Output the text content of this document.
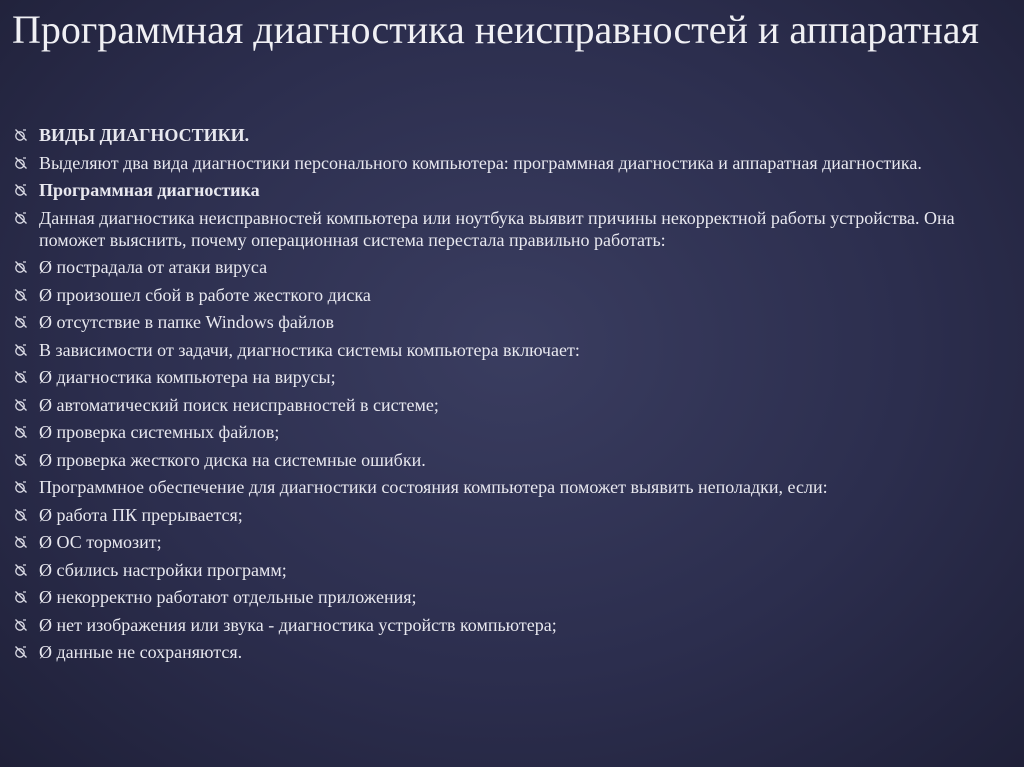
Программная диагностика неисправностей и аппаратная
ВИДЫ ДИАГНОСТИКИ.
Выделяют два вида диагностики персонального компьютера: программная диагностика и аппаратная диагностика.
Программная диагностика
Данная диагностика неисправностей компьютера или ноутбука выявит причины некорректной работы устройства. Она поможет выяснить, почему операционная система перестала правильно работать:
Ø пострадала от атаки вируса
Ø произошел сбой в работе жесткого диска
Ø отсутствие в папке Windows файлов
В зависимости от задачи, диагностика системы компьютера включает:
Ø диагностика компьютера на вирусы;
Ø автоматический поиск неисправностей в системе;
Ø проверка системных файлов;
Ø проверка жесткого диска на системные ошибки.
Программное обеспечение для диагностики состояния компьютера поможет выявить неполадки, если:
Ø работа ПК прерывается;
Ø ОС тормозит;
Ø сбились настройки программ;
Ø некорректно работают отдельные приложения;
Ø нет изображения или звука - диагностика устройств компьютера;
Ø данные не сохраняются.
